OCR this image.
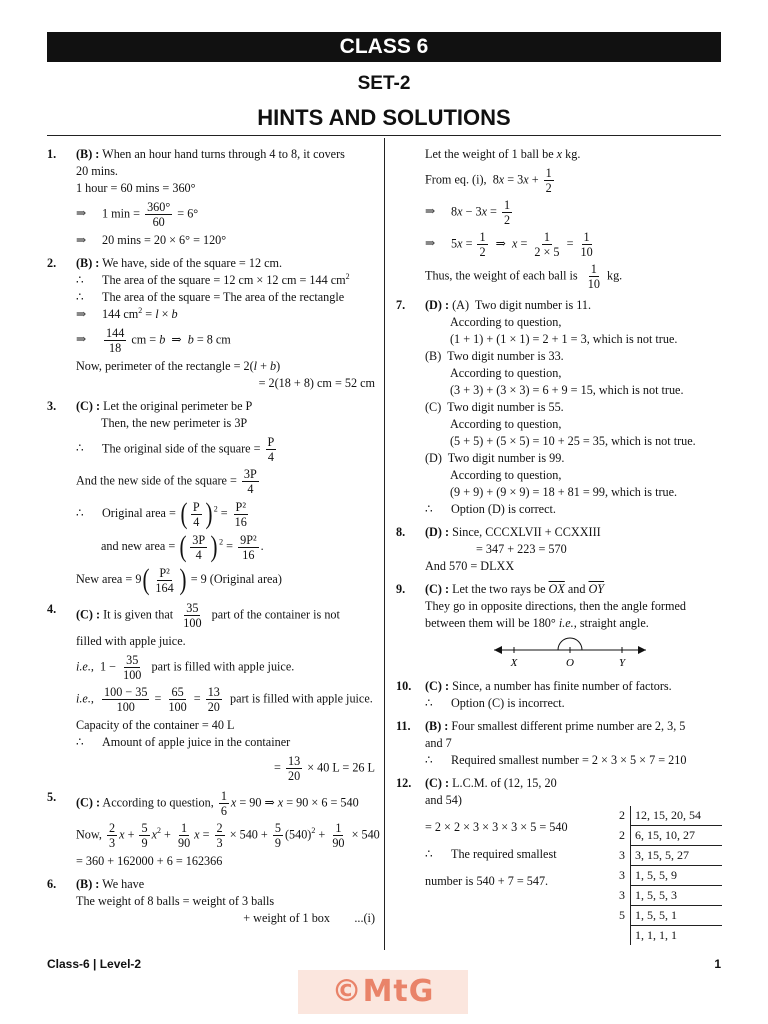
CLASS 6
SET-2
HINTS AND SOLUTIONS
1. (B) : When an hour hand turns through 4 to 8, it covers
20 mins.
1 hour = 60 mins = 360°
⇒ 1 $\min = \frac{360^\circ}{60} = 6^\circ$
⇒ 20 mins = 20 × 6° = 120°
2. (B) : We have, side of the square = 12 cm.
∴ The area of the square = 12 cm × 12 cm = 144 $cm^2$
∴ The area of the square = The area of the rectangle
⇒ 144 $cm^2 = l \times b$
⇒ $\frac{144}{18}$ cm = b  ⇒  b = 8 cm
Now, perimeter of the rectangle = 2(l + b)
= 2(18 + 8) cm = 52 cm
3. (C) : Let the original perimeter be P
Then, the new perimeter is 3P
∴ The original side of the square = $\frac{P}{4}$
And the new side of the square = $\frac{3P}{4}$
∴ Original area = ( $\frac{P}{4}$ ) $^2 = \frac{\text{P²}}{16}$
and new area = ( $\frac{3P}{4}$ ) $^2 = \frac{\text{9P²}}{16}$ .
New area = $9( \frac{\text{P²}}{164}$ ) = 9 (Original area)
4. (C) : It is given that $\frac{35}{100}$ part of the container is not
filled with apple juice.
i.e.,  $1 - \frac{35}{100}$ part is filled with apple juice.
i.e., $\frac{100 - 35}{100} = \frac{65}{100} = \frac{13}{20}$ part is filled with apple juice.
Capacity of the container = 40 L
∴ Amount of apple juice in the container
= $\frac{13}{20} \times 40$ L = 26 L
5. (C) : According to question, $\frac{1}{6}$ x = 90 ⇒ x = 90 × 6 = 540
Now, $\frac{2}{3}$ $x + \frac{5}{9} x^2 + \frac{1}{90}$ $x = \frac{2}{3} \times 540 + \frac{5}{9} (540)^2 + \frac{1}{90} \times 540$
= 360 + 162000 + 6 = 162366
6. (B) : We have
The weight of 8 balls = weight of 3 balls
+ weight of 1 box        ...(i)
Let the weight of 1 ball be x kg.
From eq. (i),  $8x = 3x + \frac{1}{2}$
⇒ $8x - 3x = \frac{1}{2}$
⇒ $5x = \frac{1}{2}$ ⇒  $x = \frac{1}{2 \times 5} = \frac{1}{10}$
Thus, the weight of each ball is $\frac{1}{10}$ kg.
7. (D) : (A)  Two digit number is 11.
According to question,
(1 + 1) + (1 × 1) = 2 + 1 = 3, which is not true.
(B)  Two digit number is 33.
According to question,
(3 + 3) + (3 × 3) = 6 + 9 = 15, which is not true.
(C)  Two digit number is 55.
According to question,
(5 + 5) + (5 × 5) = 10 + 25 = 35, which is not true.
(D)  Two digit number is 99.
According to question,
(9 + 9) + (9 × 9) = 18 + 81 = 99, which is true.
∴ Option (D) is correct.
8. (D) : Since, CCCXLVII + CCXXIII
= 347 + 223 = 570
And 570 = DLXX
9. (C) : Let the two rays be $\overline{OX}$ and $\overline{OY}$
They go in opposite directions, then the angle formed
between them will be 180° i.e., straight angle.
X	O	Y
10. (C) : Since, a number has finite number of factors.
∴ Option (C) is incorrect.
11. (B) : Four smallest different prime number are 2, 3, 5
and 7
∴ Required smallest number = 2 × 3 × 5 × 7 = 210
12. (C) : L.C.M. of (12, 15, 20
and 54)
= 2 × 2 × 3 × 3 × 3 × 5 = 540
∴ The required smallest
number is 540 + 7 = 547.
2	12, 15, 20, 54
2	6, 15, 10, 27
3	3, 15, 5, 27
3	1, 5, 5, 9
3	1, 5, 5, 3
5	1, 5, 5, 1
	1, 1, 1, 1
Class-6 | Level-2	1
©MtG
